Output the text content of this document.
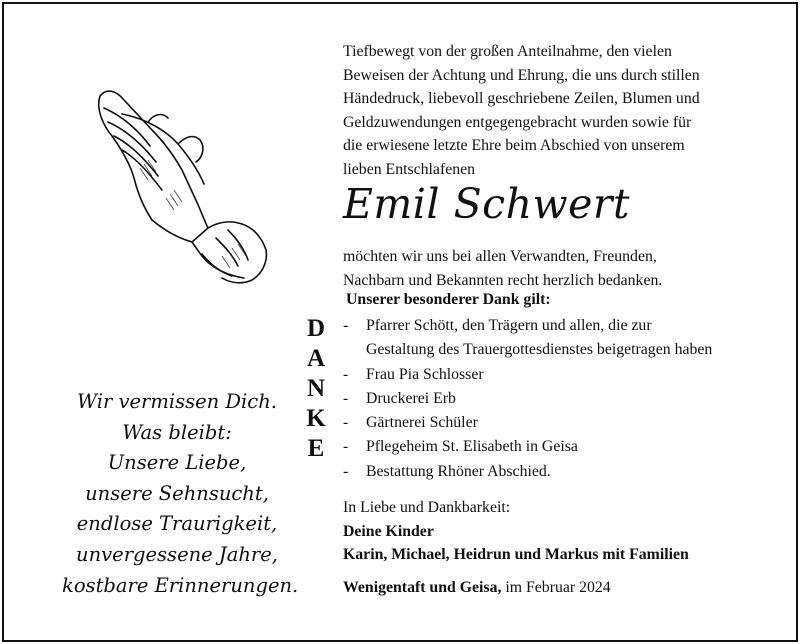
Tiefbewegt von der großen Anteilnahme, den vielen
Beweisen der Achtung und Ehrung, die uns durch stillen
Händedruck, liebevoll geschriebene Zeilen, Blumen und
Geldzuwendungen entgegengebracht wurden sowie für
die erwiesene letzte Ehre beim Abschied von unserem
lieben Entschlafenen
Emil Schwert
möchten wir uns bei allen Verwandten, Freunden,
Nachbarn und Bekannten recht herzlich bedanken.
Unserer besonderer Dank gilt:
D
A
N
K
E
-	Pfarrer Schött, den Trägern und allen, die zur
Gestaltung des Trauergottesdienstes beigetragen haben
-	Frau Pia Schlosser
-	Druckerei Erb
-	Gärtnerei Schüler
-	Pflegeheim St. Elisabeth in Geisa
-	Bestattung Rhöner Abschied.
In Liebe und Dankbarkeit:
Deine Kinder
Karin, Michael, Heidrun und Markus mit Familien
Wenigentaft und Geisa, im Februar 2024
Wir vermissen Dich.
Was bleibt:
Unsere Liebe,
unsere Sehnsucht,
endlose Traurigkeit,
unvergessene Jahre,
kostbare Erinnerungen.
